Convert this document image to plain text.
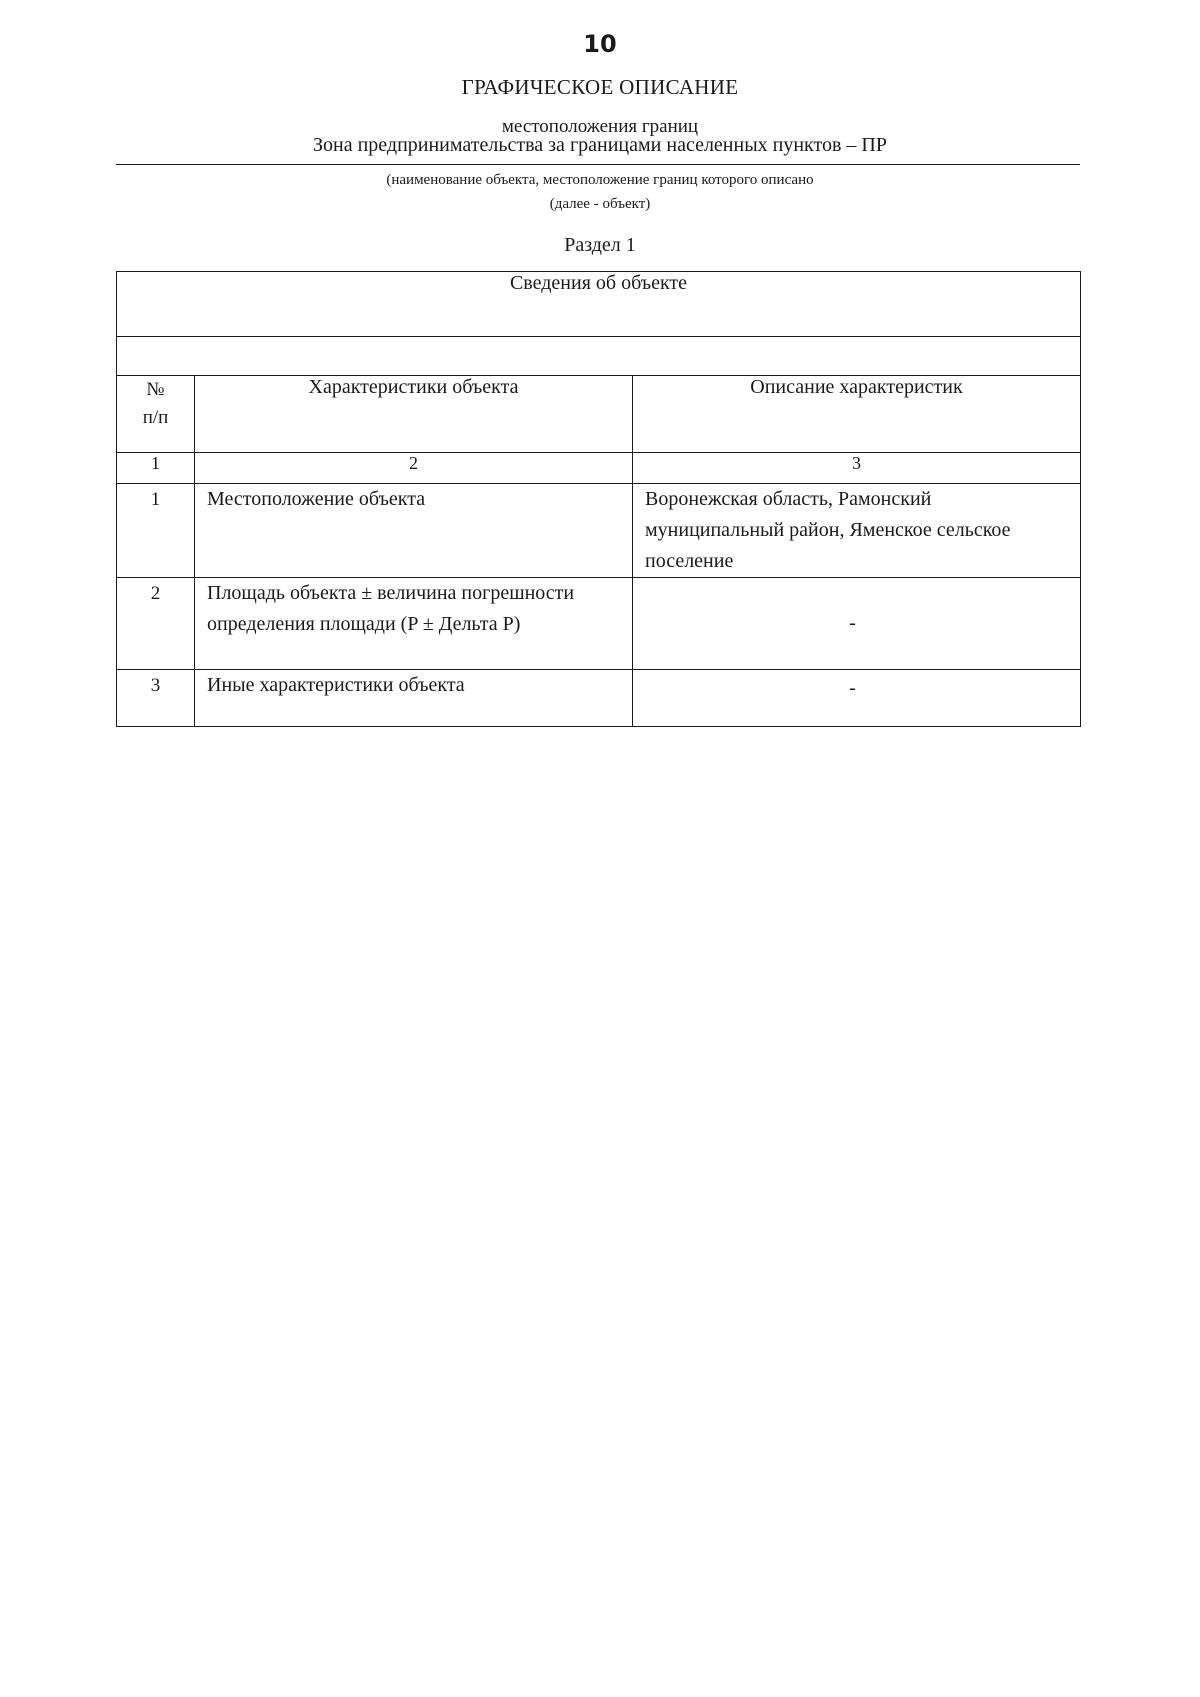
10
ГРАФИЧЕСКОЕ ОПИСАНИЕ
местоположения границ
Зона предпринимательства за границами населенных пунктов – ПР
(наименование объекта, местоположение границ которого описано
(далее - объект)
Раздел 1
Сведения об объекте		

№
п/п	Характеристики объекта	Описание характеристик
1	2	3
1	Местоположение объекта	Воронежская область, Рамонский муниципальный район, Яменское сельское поселение
2	Площадь объекта ± величина погрешности определения площади (P ± Дельта P)	-
3	Иные характеристики объекта	-
